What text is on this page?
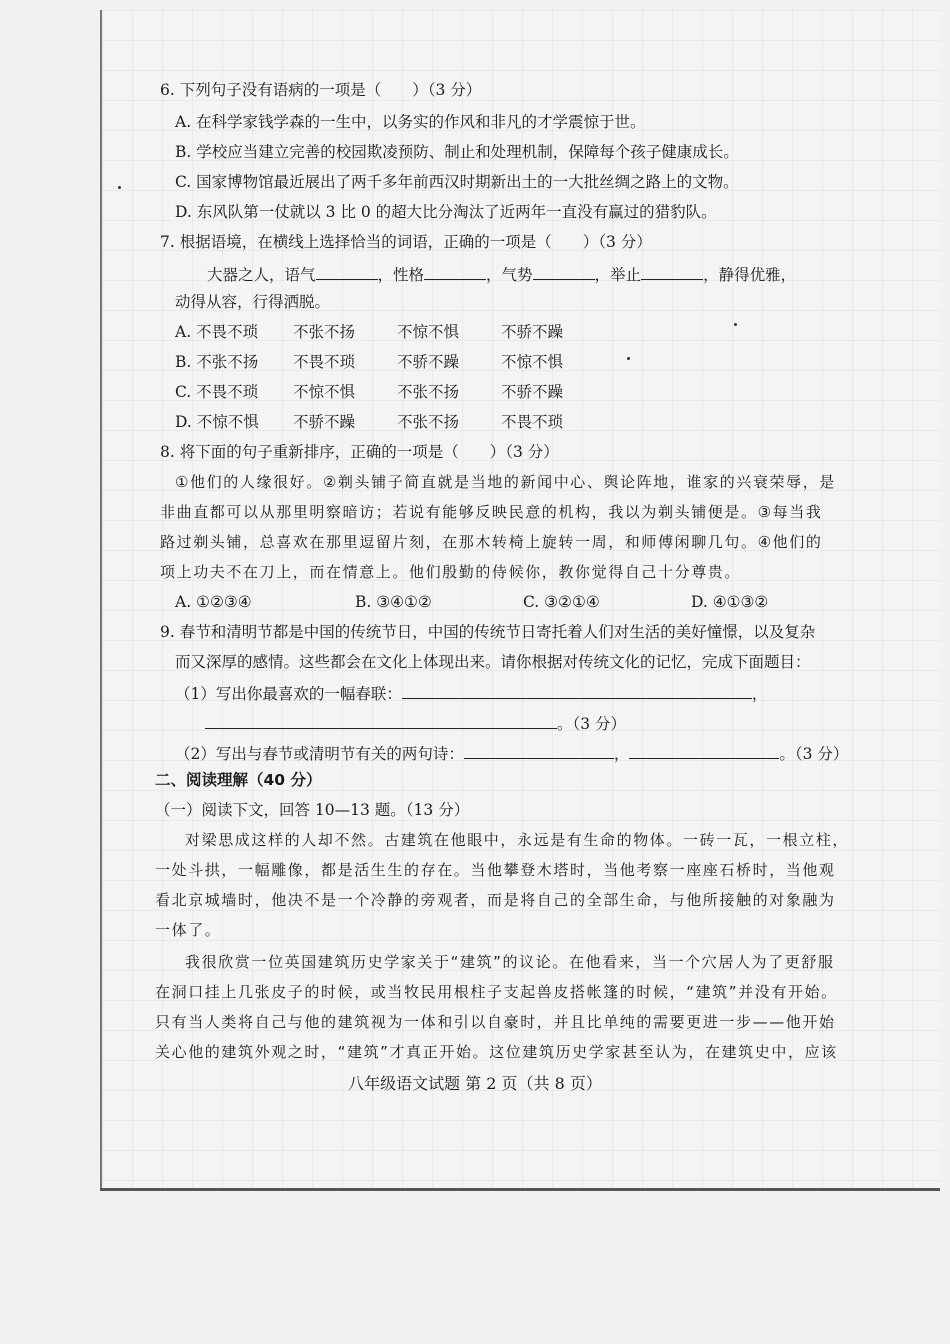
6. 下列句子没有语病的一项是（　　）（3 分）
A. 在科学家钱学森的一生中，以务实的作风和非凡的才学震惊于世。
B. 学校应当建立完善的校园欺凌预防、制止和处理机制，保障每个孩子健康成长。
C. 国家博物馆最近展出了两千多年前西汉时期新出土的一大批丝绸之路上的文物。
D. 东风队第一仗就以 3 比 0 的超大比分淘汰了近两年一直没有赢过的猎豹队。
7. 根据语境，在横线上选择恰当的词语，正确的一项是（　　）（3 分）
大器之人，语气	，性格	，气势	，举止	，静得优雅，
动得从容，行得洒脱。
A. 不畏不琐	不张不扬	不惊不惧	不骄不躁
B. 不张不扬	不畏不琐	不骄不躁	不惊不惧
C. 不畏不琐	不惊不惧	不张不扬	不骄不躁
D. 不惊不惧	不骄不躁	不张不扬	不畏不琐
8. 将下面的句子重新排序，正确的一项是（　　）（3 分）
①他们的人缘很好。②剃头铺子简直就是当地的新闻中心、舆论阵地，谁家的兴衰荣辱，是
非曲直都可以从那里明察暗访；若说有能够反映民意的机构，我以为剃头铺便是。③每当我
路过剃头铺，总喜欢在那里逗留片刻，在那木转椅上旋转一周，和师傅闲聊几句。④他们的
项上功夫不在刀上，而在情意上。他们殷勤的侍候你，教你觉得自己十分尊贵。
A. ①②③④	B. ③④①②	C. ③②①④	D. ④①③②
9. 春节和清明节都是中国的传统节日，中国的传统节日寄托着人们对生活的美好憧憬，以及复杂
而又深厚的感情。这些都会在文化上体现出来。请你根据对传统文化的记忆，完成下面题目：
（1）写出你最喜欢的一幅春联：	，
。（3 分）
（2）写出与春节或清明节有关的两句诗：	，	。（3 分）
二、阅读理解（40 分）
（一）阅读下文，回答 10—13 题。（13 分）
对梁思成这样的人却不然。古建筑在他眼中，永远是有生命的物体。一砖一瓦，一根立柱，
一处斗拱，一幅雕像，都是活生生的存在。当他攀登木塔时，当他考察一座座石桥时，当他观
看北京城墙时，他决不是一个冷静的旁观者，而是将自己的全部生命，与他所接触的对象融为
一体了。
我很欣赏一位英国建筑历史学家关于“建筑”的议论。在他看来，当一个穴居人为了更舒服
在洞口挂上几张皮子的时候，或当牧民用根柱子支起兽皮搭帐篷的时候，“建筑”并没有开始。
只有当人类将自己与他的建筑视为一体和引以自豪时，并且比单纯的需要更进一步——他开始
关心他的建筑外观之时，“建筑”才真正开始。这位建筑历史学家甚至认为，在建筑史中，应该
八年级语文试题 第 2 页（共 8 页）
